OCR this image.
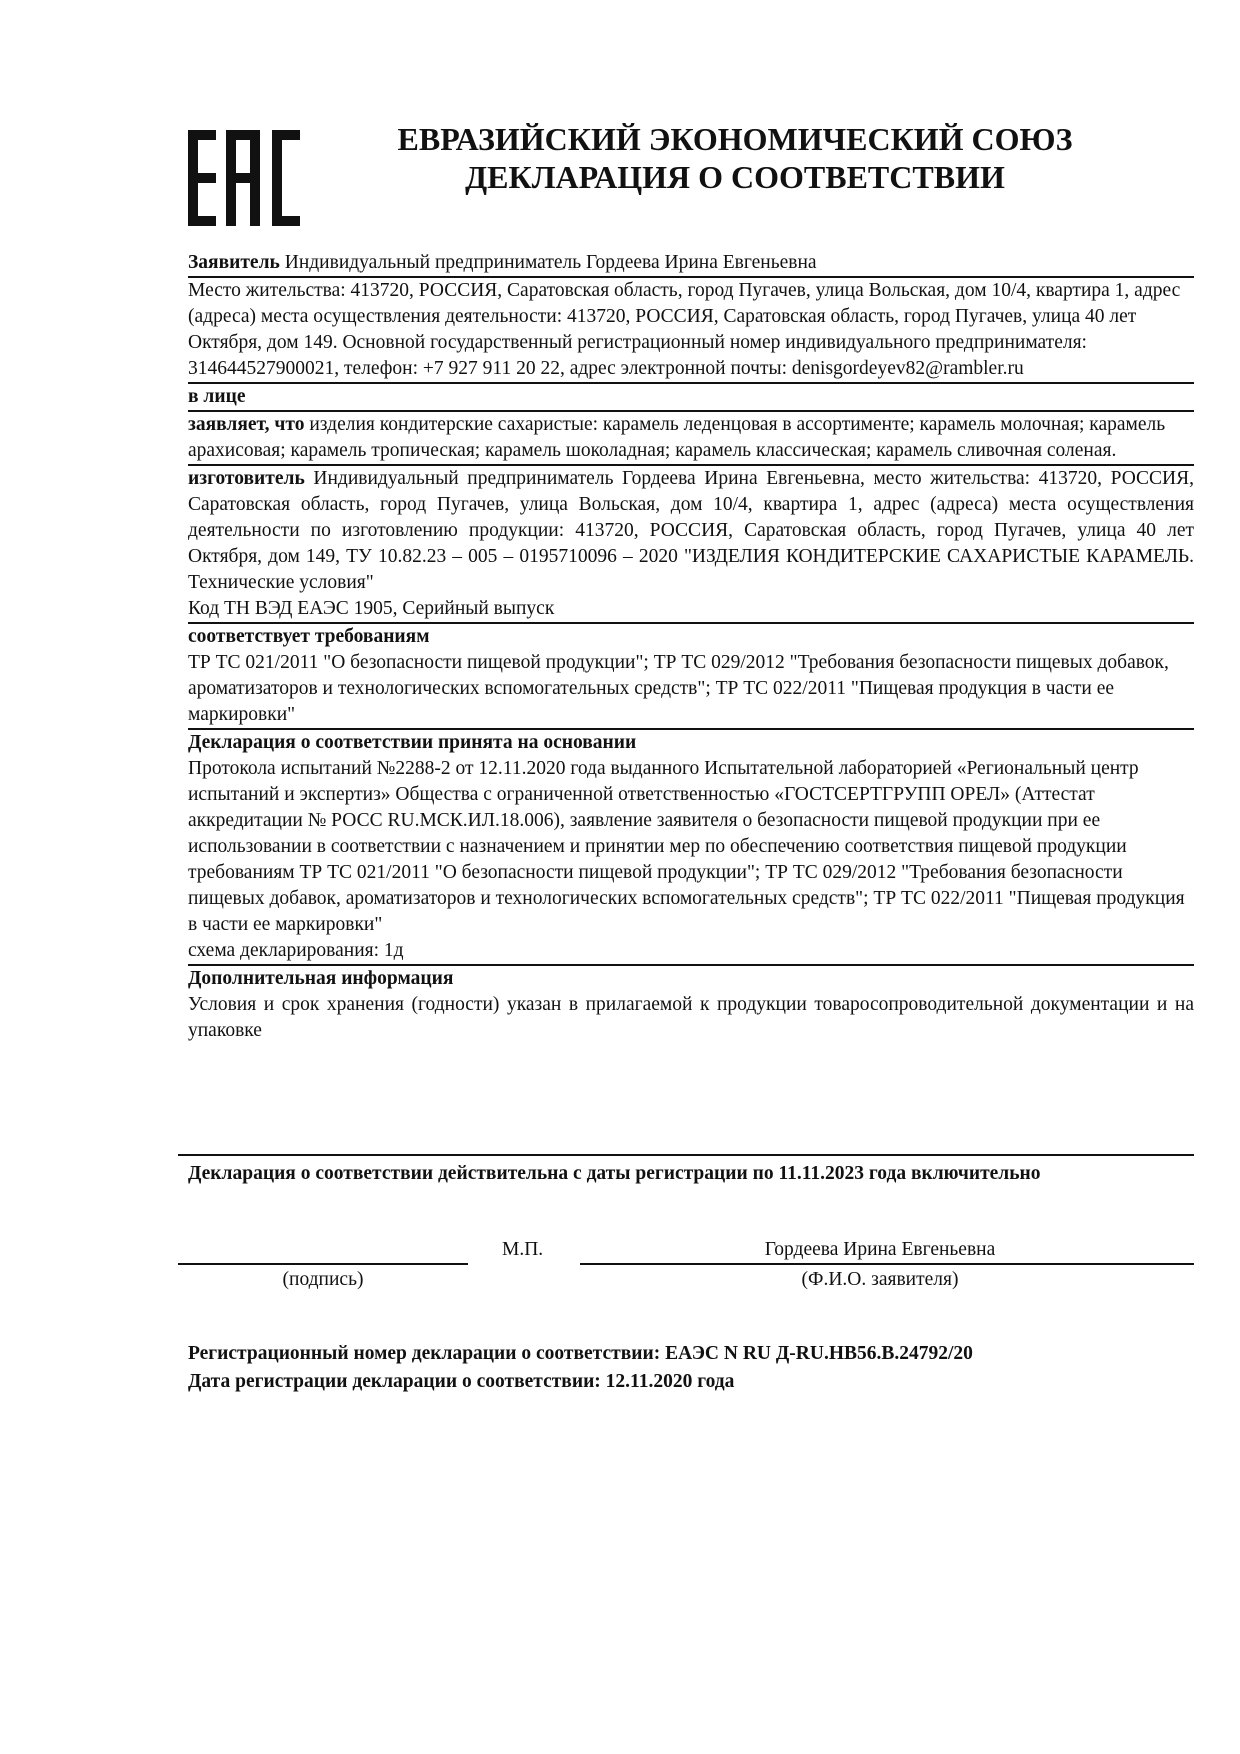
ЕВРАЗИЙСКИЙ ЭКОНОМИЧЕСКИЙ СОЮЗ
ДЕКЛАРАЦИЯ О СООТВЕТСТВИИ
Заявитель Индивидуальный предприниматель Гордеева Ирина Евгеньевна
Место жительства: 413720, РОССИЯ, Саратовская область, город Пугачев, улица Вольская, дом 10/4, квартира 1, адрес (адреса) места осуществления деятельности: 413720, РОССИЯ, Саратовская область, город Пугачев, улица 40 лет Октября, дом 149. Основной государственный регистрационный номер индивидуального предпринимателя: 314644527900021, телефон: +7 927 911 20 22, адрес электронной почты: denisgordeyev82@rambler.ru
в лице
заявляет, что изделия кондитерские сахаристые: карамель леденцовая в ассортименте; карамель молочная; карамель арахисовая; карамель тропическая; карамель шоколадная; карамель классическая; карамель сливочная соленая.
изготовитель Индивидуальный предприниматель Гордеева Ирина Евгеньевна, место жительства: 413720, РОССИЯ, Саратовская область, город Пугачев, улица Вольская, дом 10/4, квартира 1, адрес (адреса) места осуществления деятельности по изготовлению продукции: 413720, РОССИЯ, Саратовская область, город Пугачев, улица 40 лет Октября, дом 149, ТУ 10.82.23 – 005 – 0195710096 – 2020 "ИЗДЕЛИЯ КОНДИТЕРСКИЕ САХАРИСТЫЕ КАРАМЕЛЬ. Технические условия"
Код ТН ВЭД ЕАЭС 1905, Серийный выпуск
соответствует требованиям
ТР ТС 021/2011 "О безопасности пищевой продукции"; ТР ТС 029/2012 "Требования безопасности пищевых добавок, ароматизаторов и технологических вспомогательных средств"; ТР ТС 022/2011 "Пищевая продукция в части ее маркировки"
Декларация о соответствии принята на основании
Протокола испытаний №2288-2 от 12.11.2020 года выданного Испытательной лабораторией «Региональный центр испытаний и экспертиз» Общества с ограниченной ответственностью «ГОСТСЕРТГРУПП ОРЕЛ» (Аттестат аккредитации № РОСС RU.МСК.ИЛ.18.006), заявление заявителя о безопасности пищевой продукции при ее использовании в соответствии с назначением и принятии мер по обеспечению соответствия пищевой продукции требованиям ТР ТС 021/2011 "О безопасности пищевой продукции"; ТР ТС 029/2012 "Требования безопасности пищевых добавок, ароматизаторов и технологических вспомогательных средств"; ТР ТС 022/2011 "Пищевая продукция в части ее маркировки"
схема декларирования: 1д
Дополнительная информация
Условия и срок хранения (годности) указан в прилагаемой к продукции товаросопроводительной документации и на упаковке
Декларация о соответствии действительна с даты регистрации по 11.11.2023 года включительно
М.П.	Гордеева Ирина Евгеньевна
(подпись)	(Ф.И.О. заявителя)
Регистрационный номер декларации о соответствии: ЕАЭС N RU Д-RU.НВ56.В.24792/20
Дата регистрации декларации о соответствии: 12.11.2020 года
